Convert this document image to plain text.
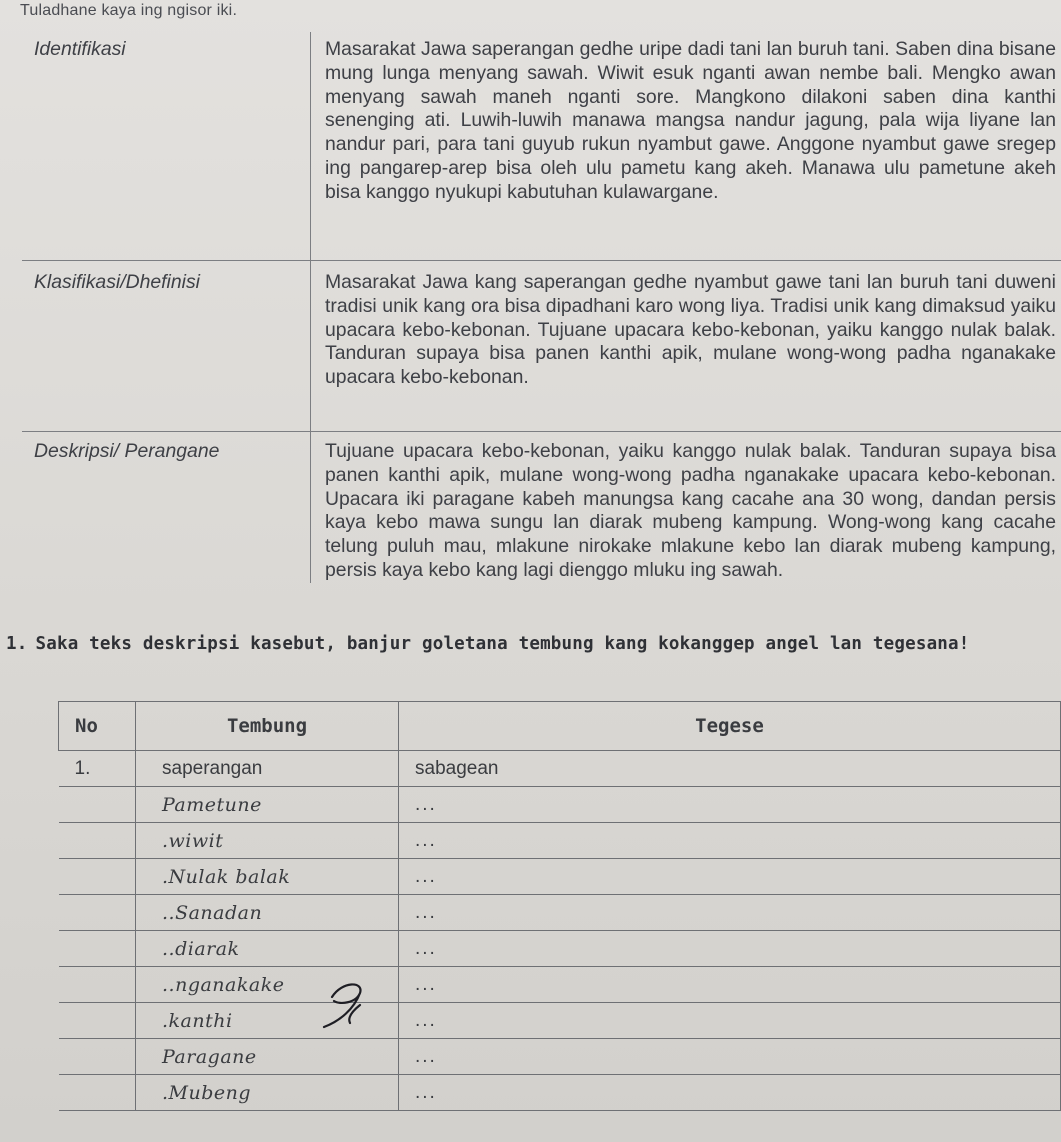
Tuladhane kaya ing ngisor iki.
Identifikasi	Masarakat Jawa saperangan gedhe uripe dadi tani lan buruh tani. Saben dina bisane mung lunga menyang sawah. Wiwit esuk nganti awan nembe bali. Mengko awan menyang sawah maneh nganti sore. Mangkono dilakoni saben dina kanthi senenging ati. Luwih-luwih manawa mangsa nandur jagung, pala wija liyane lan nandur pari, para tani guyub rukun nyambut gawe. Anggone nyambut gawe sregep ing pangarep-arep bisa oleh ulu pametu kang akeh. Manawa ulu pametune akeh bisa kanggo nyukupi kabutuhan kulawargane.
Klasifikasi/Dhefinisi	Masarakat Jawa kang saperangan gedhe nyambut gawe tani lan buruh tani duweni tradisi unik kang ora bisa dipadhani karo wong liya. Tradisi unik kang dimaksud yaiku upacara kebo-kebonan. Tujuane upacara kebo-kebonan, yaiku kanggo nulak balak. Tanduran supaya bisa panen kanthi apik, mulane wong-wong padha nganakake upacara kebo-kebonan.
Deskripsi/ Perangane	Tujuane upacara kebo-kebonan, yaiku kanggo nulak balak. Tanduran supaya bisa panen kanthi apik, mulane wong-wong padha nganakake upacara kebo-kebonan. Upacara iki paragane kabeh manungsa kang cacahe ana 30 wong, dandan persis kaya kebo mawa sungu lan diarak mubeng kampung. Wong-wong kang cacahe telung puluh mau, mlakune nirokake mlakune kebo lan diarak mubeng kampung, persis kaya kebo kang lagi dienggo mluku ing sawah.
1. Saka teks deskripsi kasebut, banjur goletana tembung kang kokanggep angel lan tegesana!
No	Tembung	Tegese
1.	saperangan	sabagean
	Pametune	...
	.wiwit	...
	.Nulak balak	...
	..Sanadan	...
	..diarak	...
	..nganakake	...
	.kanthi	...
	Paragane	...
	.Mubeng	...
